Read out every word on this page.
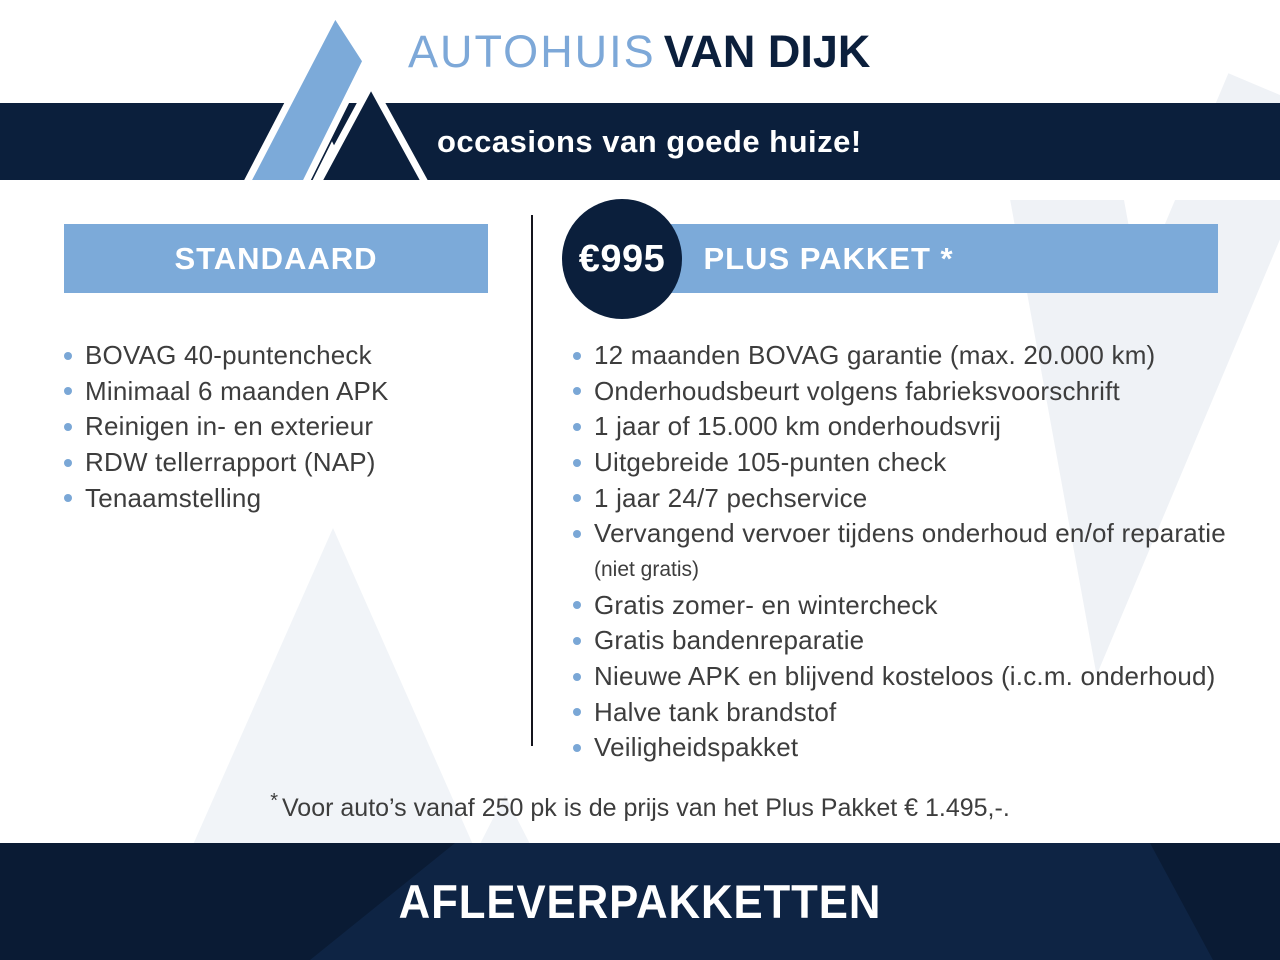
AUTOHUIS VAN DIJK
occasions van goede huize!
STANDAARD	PLUS PAKKET *
€995
BOVAG 40-puntencheck
Minimaal 6 maanden APK
Reinigen in- en exterieur
RDW tellerrapport (NAP)
Tenaamstelling
12 maanden BOVAG garantie (max. 20.000 km)
Onderhoudsbeurt volgens fabrieksvoorschrift
1 jaar of 15.000 km onderhoudsvrij
Uitgebreide 105-punten check
1 jaar 24/7 pechservice
Vervangend vervoer tijdens onderhoud en/of reparatie
(niet gratis)
Gratis zomer- en wintercheck
Gratis bandenreparatie
Nieuwe APK en blijvend kosteloos (i.c.m. onderhoud)
Halve tank brandstof
Veiligheidspakket
* Voor auto’s vanaf 250 pk is de prijs van het Plus Pakket € 1.495,-.
AFLEVERPAKKETTEN
